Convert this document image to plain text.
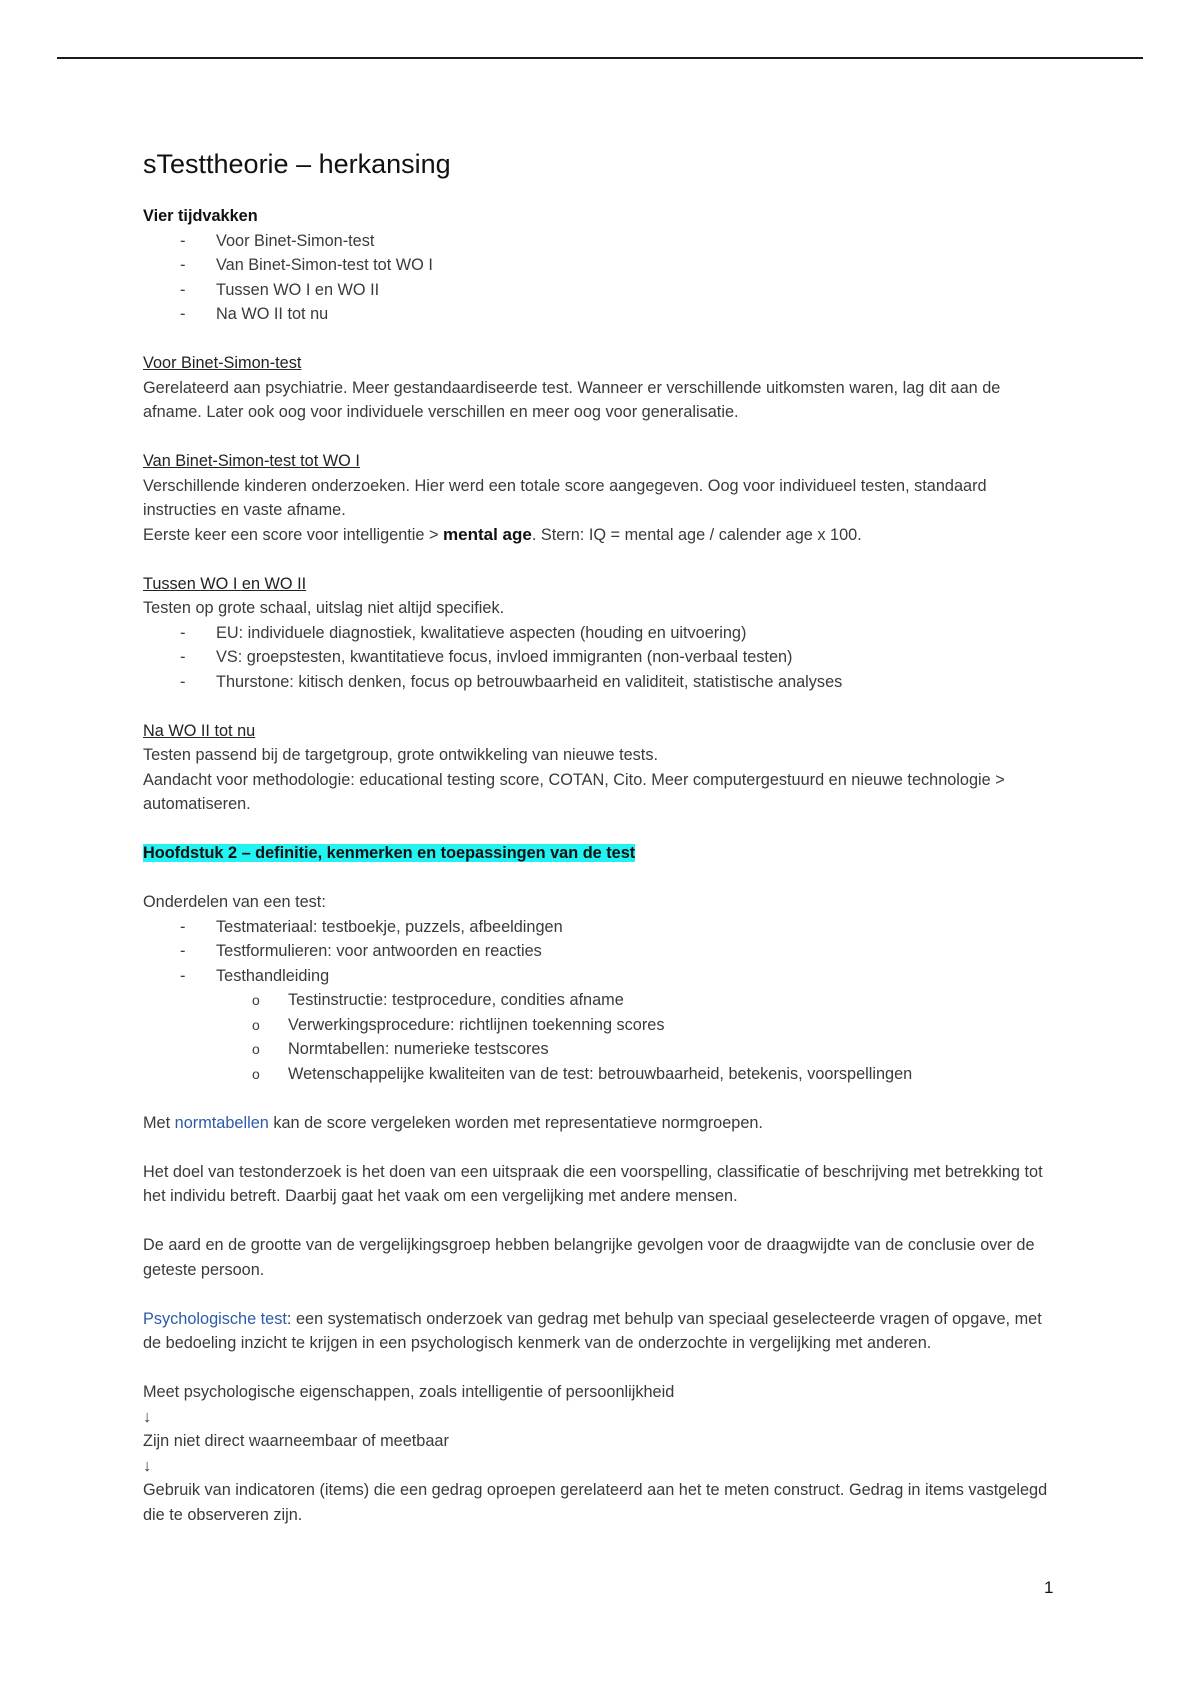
sTesttheorie – herkansing

Vier tijdvakken

- Voor Binet-Simon-test
- Van Binet-Simon-test tot WO I
- Tussen WO I en WO II
- Na WO II tot nu

Voor Binet-Simon-test

Gerelateerd aan psychiatrie. Meer gestandaardiseerde test. Wanneer er verschillende uitkomsten waren, lag dit aan de afname. Later ook oog voor individuele verschillen en meer oog voor generalisatie.

Van Binet-Simon-test tot WO I

Verschillende kinderen onderzoeken. Hier werd een totale score aangegeven. Oog voor individueel testen, standaard instructies en vaste afname.

Eerste keer een score voor intelligentie > mental age. Stern: IQ = mental age / calender age x 100.

Tussen WO I en WO II

Testen op grote schaal, uitslag niet altijd specifiek.

- EU: individuele diagnostiek, kwalitatieve aspecten (houding en uitvoering)
- VS: groepstesten, kwantitatieve focus, invloed immigranten (non-verbaal testen)
- Thurstone: kitisch denken, focus op betrouwbaarheid en validiteit, statistische analyses

Na WO II tot nu

Testen passend bij de targetgroup, grote ontwikkeling van nieuwe tests.

Aandacht voor methodologie: educational testing score, COTAN, Cito. Meer computergestuurd en nieuwe technologie > automatiseren.

Hoofdstuk 2 – definitie, kenmerken en toepassingen van de test

Onderdelen van een test:

- Testmateriaal: testboekje, puzzels, afbeeldingen
- Testformulieren: voor antwoorden en reacties
- Testhandleiding
o Testinstructie: testprocedure, condities afname
o Verwerkingsprocedure: richtlijnen toekenning scores
o Normtabellen: numerieke testscores
o Wetenschappelijke kwaliteiten van de test: betrouwbaarheid, betekenis, voorspellingen

Met normtabellen kan de score vergeleken worden met representatieve normgroepen.

Het doel van testonderzoek is het doen van een uitspraak die een voorspelling, classificatie of beschrijving met betrekking tot het individu betreft. Daarbij gaat het vaak om een vergelijking met andere mensen.

De aard en de grootte van de vergelijkingsgroep hebben belangrijke gevolgen voor de draagwijdte van de conclusie over de geteste persoon.

Psychologische test: een systematisch onderzoek van gedrag met behulp van speciaal geselecteerde vragen of opgave, met de bedoeling inzicht te krijgen in een psychologisch kenmerk van de onderzochte in vergelijking met anderen.

Meet psychologische eigenschappen, zoals intelligentie of persoonlijkheid

↓

Zijn niet direct waarneembaar of meetbaar

↓

Gebruik van indicatoren (items) die een gedrag oproepen gerelateerd aan het te meten construct. Gedrag in items vastgelegd die te observeren zijn.

1
